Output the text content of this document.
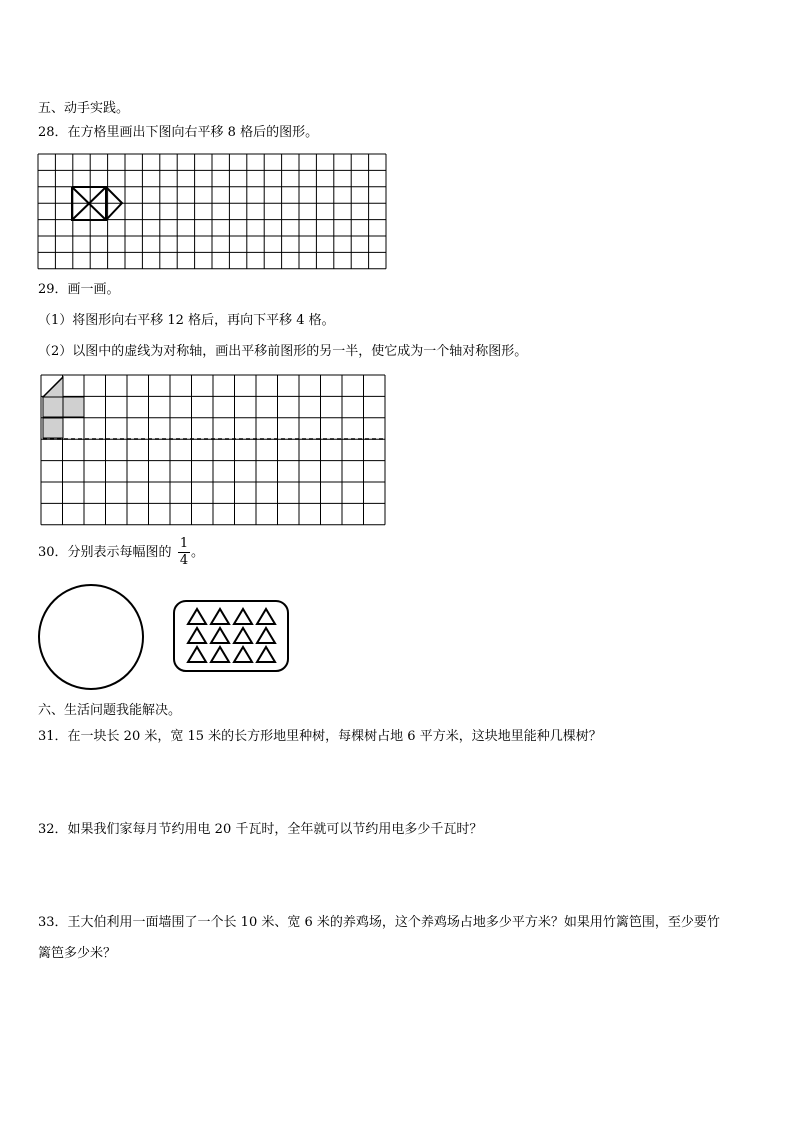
五、动手实践。
28．在方格里画出下图向右平移 8 格后的图形。
29．画一画。
（1）将图形向右平移 12 格后，再向下平移 4 格。
（2）以图中的虚线为对称轴，画出平移前图形的另一半，使它成为一个轴对称图形。
30．分别表示每幅图的
1
4
。
六、生活问题我能解决。
31．在一块长 20 米，宽 15 米的长方形地里种树，每棵树占地 6 平方米，这块地里能种几棵树？
32．如果我们家每月节约用电 20 千瓦时，全年就可以节约用电多少千瓦时？
33．王大伯利用一面墙围了一个长 10 米、宽 6 米的养鸡场，这个养鸡场占地多少平方米？如果用竹篱笆围，至少要竹
篱笆多少米？
